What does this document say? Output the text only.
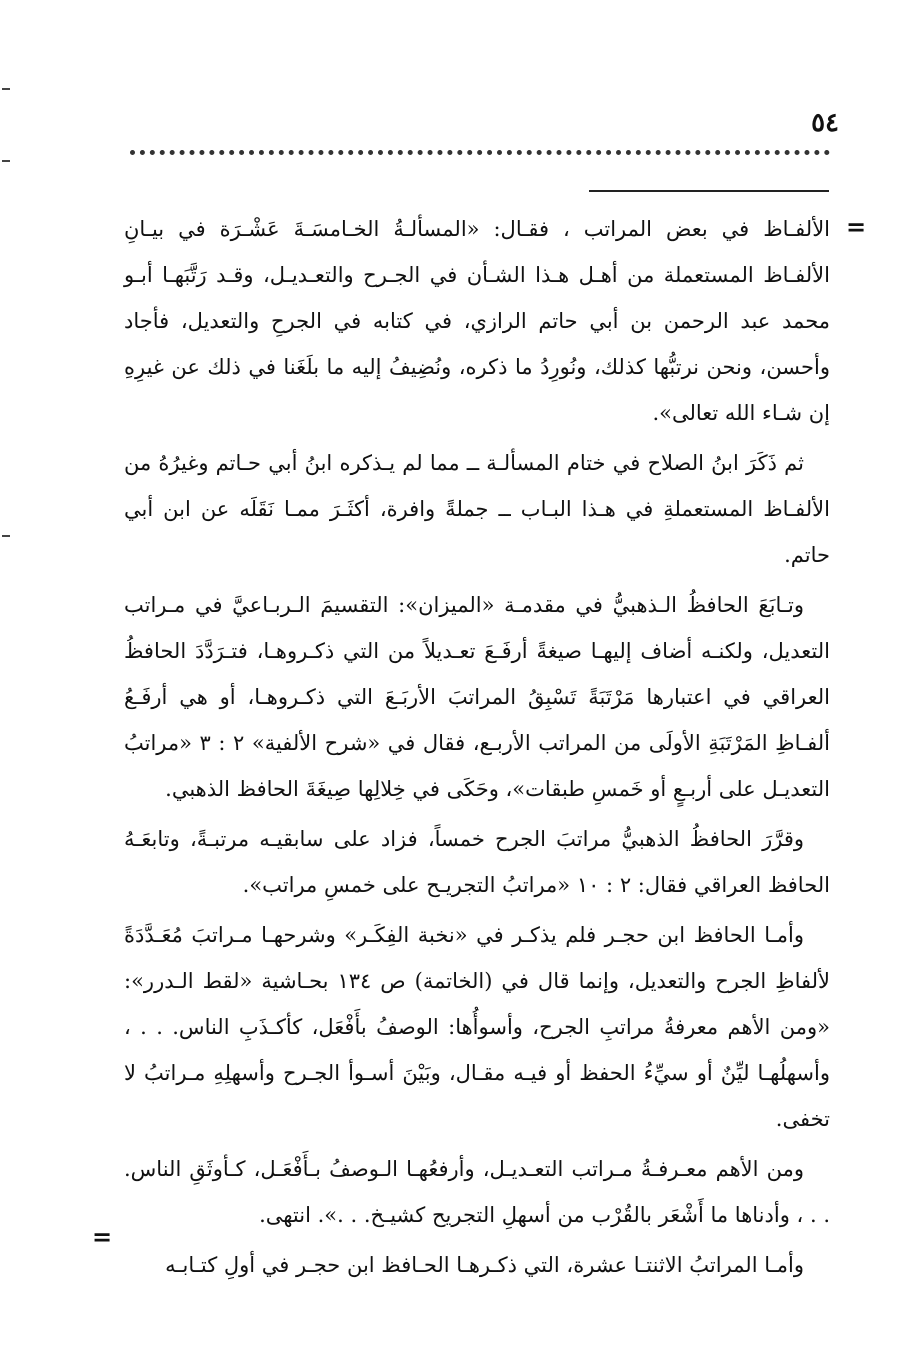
٥٤
=
=

الألفـاظ في بعض المراتب ، فقـال: «المسألـةُ الخـامسَـةَ عَشْـرَة في بيـانِ الألفـاظ المستعملة من أهـل هـذا الشـأن في الجـرح والتعـديـل، وقـد رَتَّبَهـا أبـو محمد عبد الرحمن بن أبي حاتم الرازي، في كتابه في الجرحِ والتعديل، فأجاد وأحسن، ونحن نرتبُّها كذلك، ونُورِدُ ما ذكره، ونُضِيفُ إليه ما بلَغَنا في ذلك عن غيرِهِ إن شـاء الله تعالى».

ثم ذَكَرَ ابنُ الصلاح في ختام المسألـة ــ مما لم يـذكره ابنُ أبي حـاتم وغيرُهُ من الألفـاظ المستعملةِ في هـذا البـاب ــ جملةً وافرة، أكثَـرَ ممـا نَقَلَه عن ابن أبي حاتم.

وتـابَعَ الحافظُ الـذهبيُّ في مقدمـة «الميزان»: التقسيمَ الـربـاعيَّ في مـراتب التعديل، ولكنـه أضاف إليهـا صيغةً أرفَـعَ تعـديلاً من التي ذكـروهـا، فتـرَدَّدَ الحافظُ العراقي في اعتبارها مَرْتَبَةً تَسْبِقُ المراتبَ الأربَـعَ التي ذكـروهـا، أو هي أرفَـعُ ألفـاظِ المَرْتَبَةِ الأولَى من المراتب الأربـع، فقال في «شرح الألفية» ٢ : ٣ «مراتبُ التعديـل على أربـعٍ أو خَمسِ طبقات»، وحَكَى في خِلالِها صِيغَةَ الحافظ الذهبي.

وقرَّرَ الحافظُ الذهبيُّ مراتبَ الجرح خمساً، فزاد على سابقيـه مرتبـةً، وتابعَـهُ الحافظ العراقي فقال: ٢ : ١٠ «مراتبُ التجريـح على خمسِ مراتب».

وأمـا الحافظ ابن حجـر فلم يذكـر في «نخبة الفِكَـر» وشرحهـا مـراتبَ مُعَـدَّدَةً لألفاظِ الجرح والتعديل، وإنما قال في (الخاتمة) ص ١٣٤ بحـاشية «لقط الـدرر»: «ومن الأهم معرفةُ مراتبِ الجرح، وأسوأُها: الوصفُ بأَفْعَل، كأكـذَبِ الناس. . . ، وأسهلُهـا ليِّنٌ أو سيِّءُ الحفظ أو فيـه مقـال، وبَيْنَ أسـوأ الجـرح وأسهلِهِ مـراتبُ لا تخفى.

ومن الأهم معـرفـةُ مـراتب التعـديـل، وأرفعُهـا الـوصفُ بـأَفْعَـل، كـأوثَقِ الناس. . . ، وأدناها ما أَشْعَر بالقُرْب من أسهلِ التجريح كشيـخ. . .». انتهى.

وأمـا المراتبُ الاثنتـا عشرة، التي ذكـرهـا الحـافظ ابن حجـر في أولِ كتـابـه
